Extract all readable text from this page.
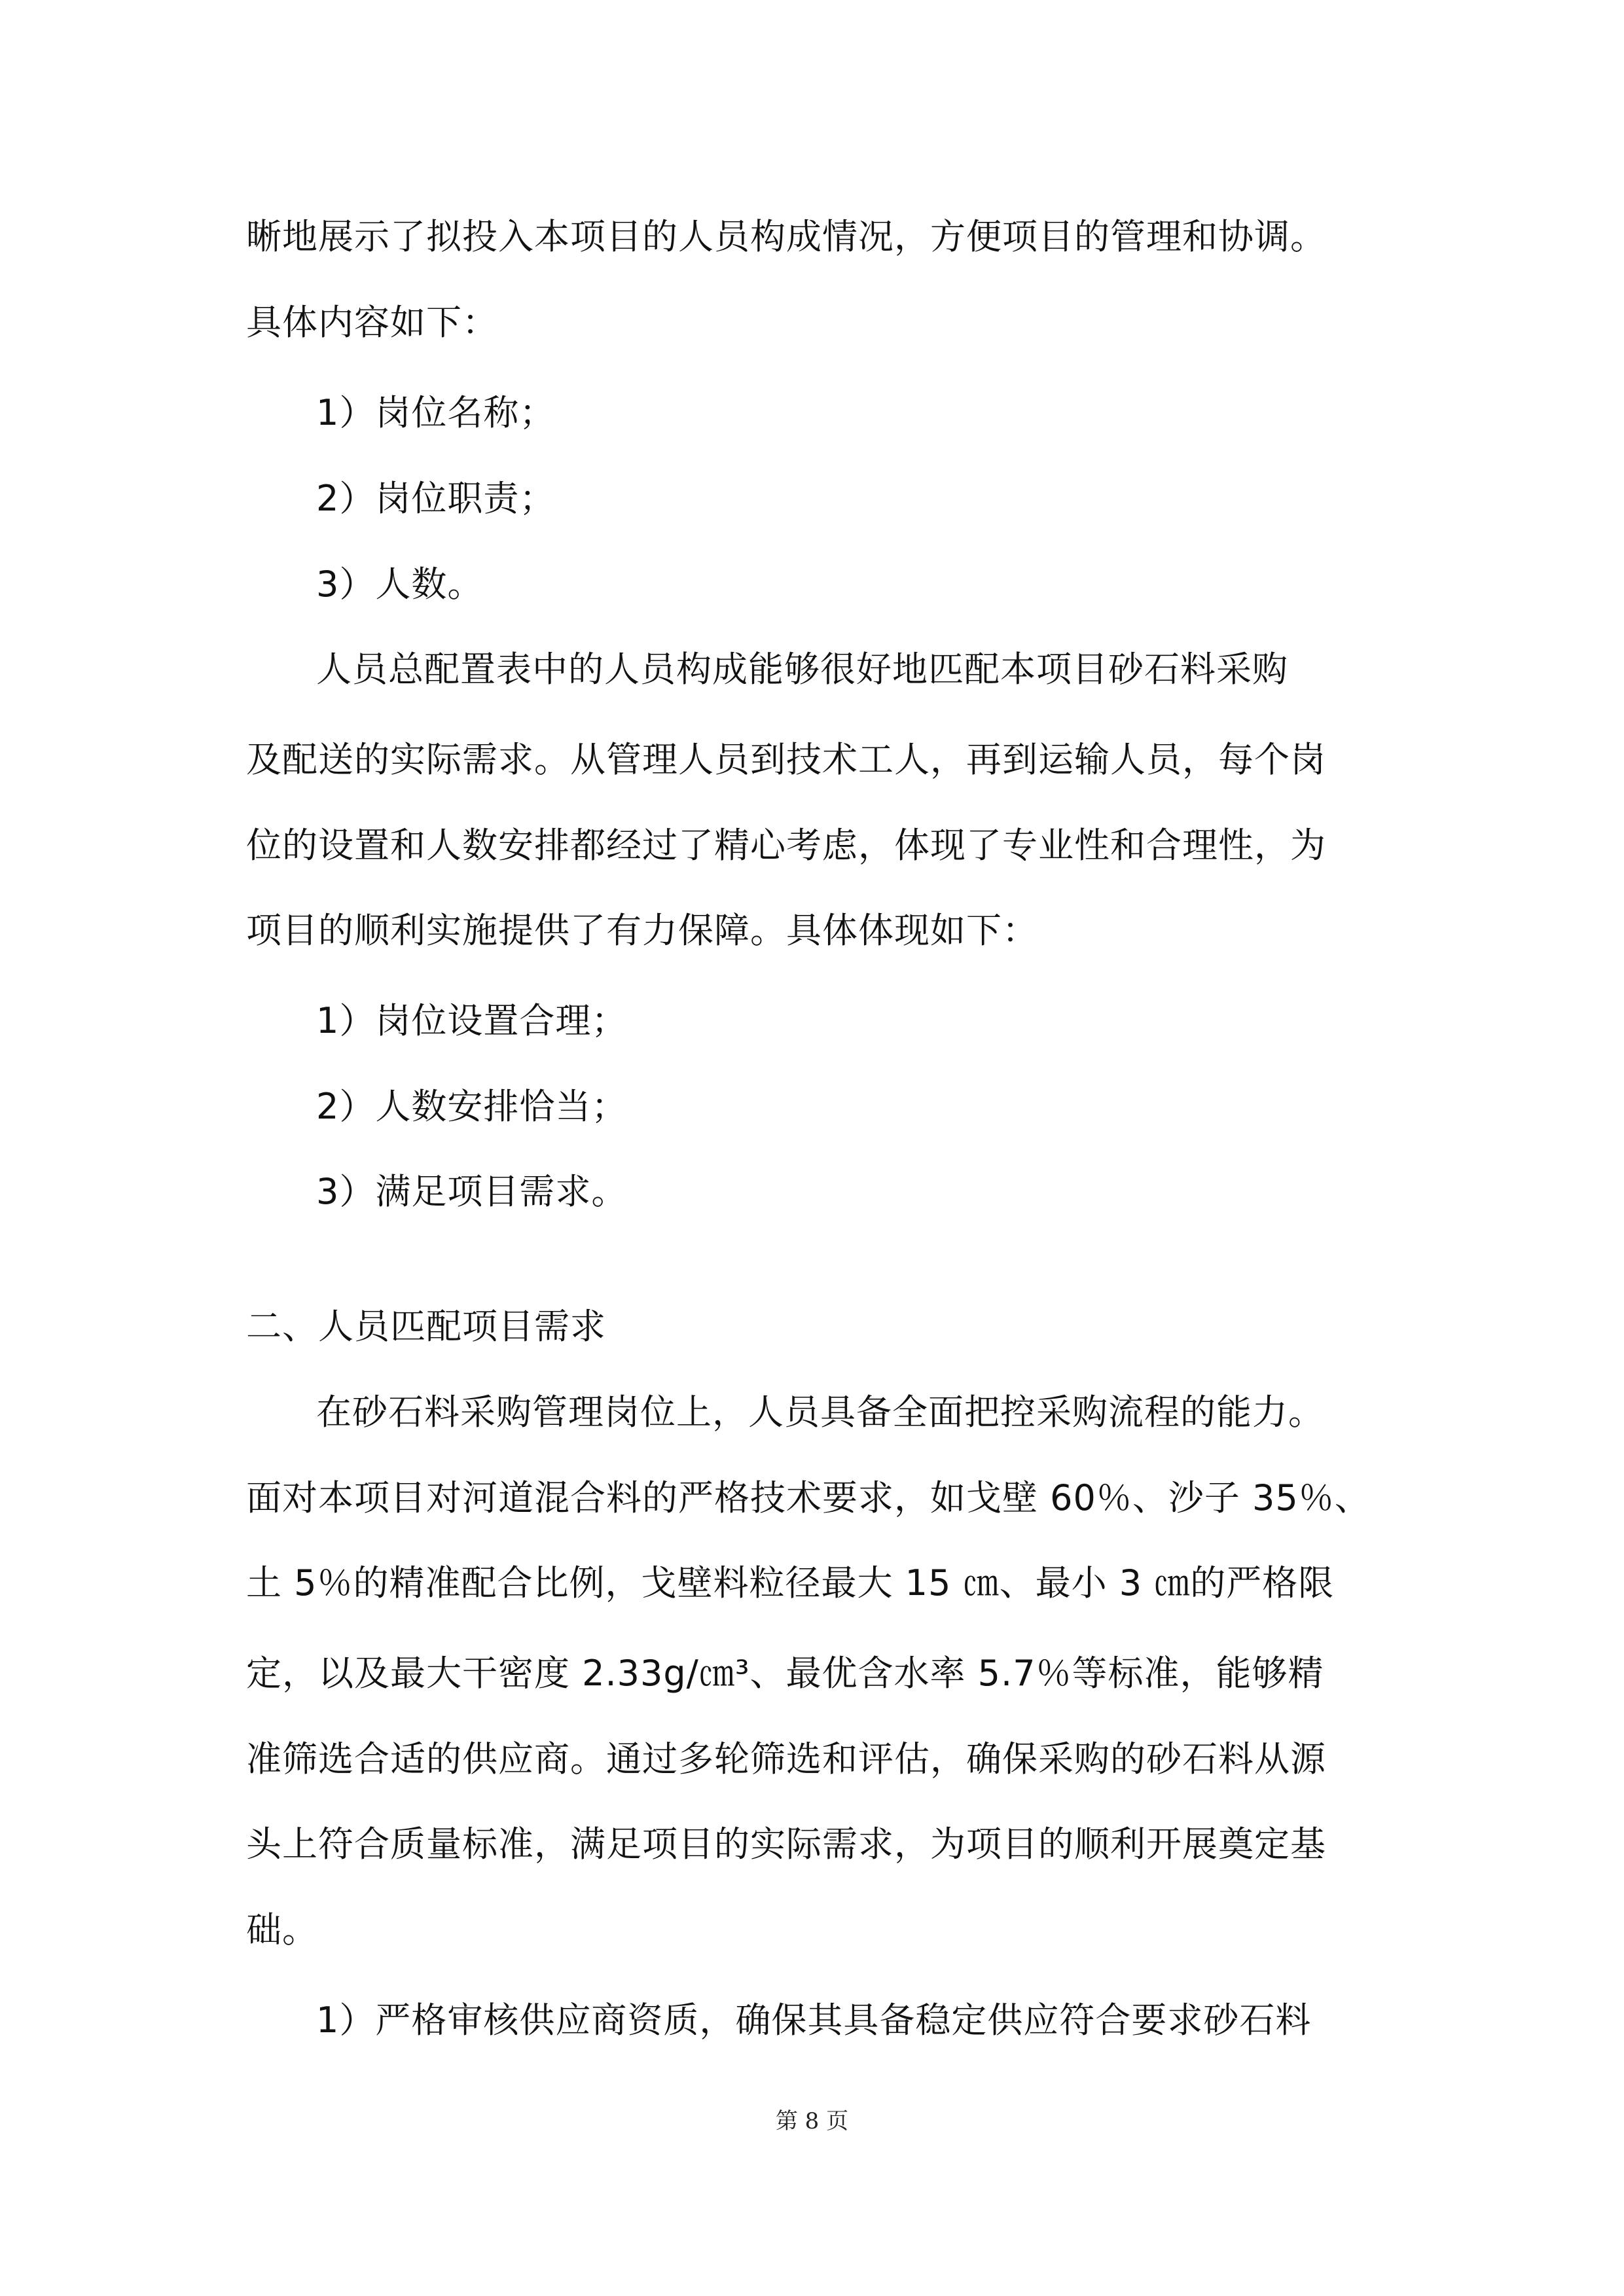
晰地展示了拟投入本项目的人员构成情况，方便项目的管理和协调。

具体内容如下：

1）岗位名称；

2）岗位职责；

3）人数。

人员总配置表中的人员构成能够很好地匹配本项目砂石料采购

及配送的实际需求。从管理人员到技术工人，再到运输人员，每个岗

位的设置和人数安排都经过了精心考虑，体现了专业性和合理性，为

项目的顺利实施提供了有力保障。具体体现如下：

1）岗位设置合理；

2）人数安排恰当；

3）满足项目需求。

二、人员匹配项目需求

在砂石料采购管理岗位上，人员具备全面把控采购流程的能力。

面对本项目对河道混合料的严格技术要求，如戈壁 60％、沙子 35％、

土 5％的精准配合比例，戈壁料粒径最大 15 ㎝、最小 3 ㎝的严格限

定，以及最大干密度 2.33g/㎝³、最优含水率 5.7％等标准，能够精

准筛选合适的供应商。通过多轮筛选和评估，确保采购的砂石料从源

头上符合质量标准，满足项目的实际需求，为项目的顺利开展奠定基

础。

1）严格审核供应商资质，确保其具备稳定供应符合要求砂石料

第 8 页
